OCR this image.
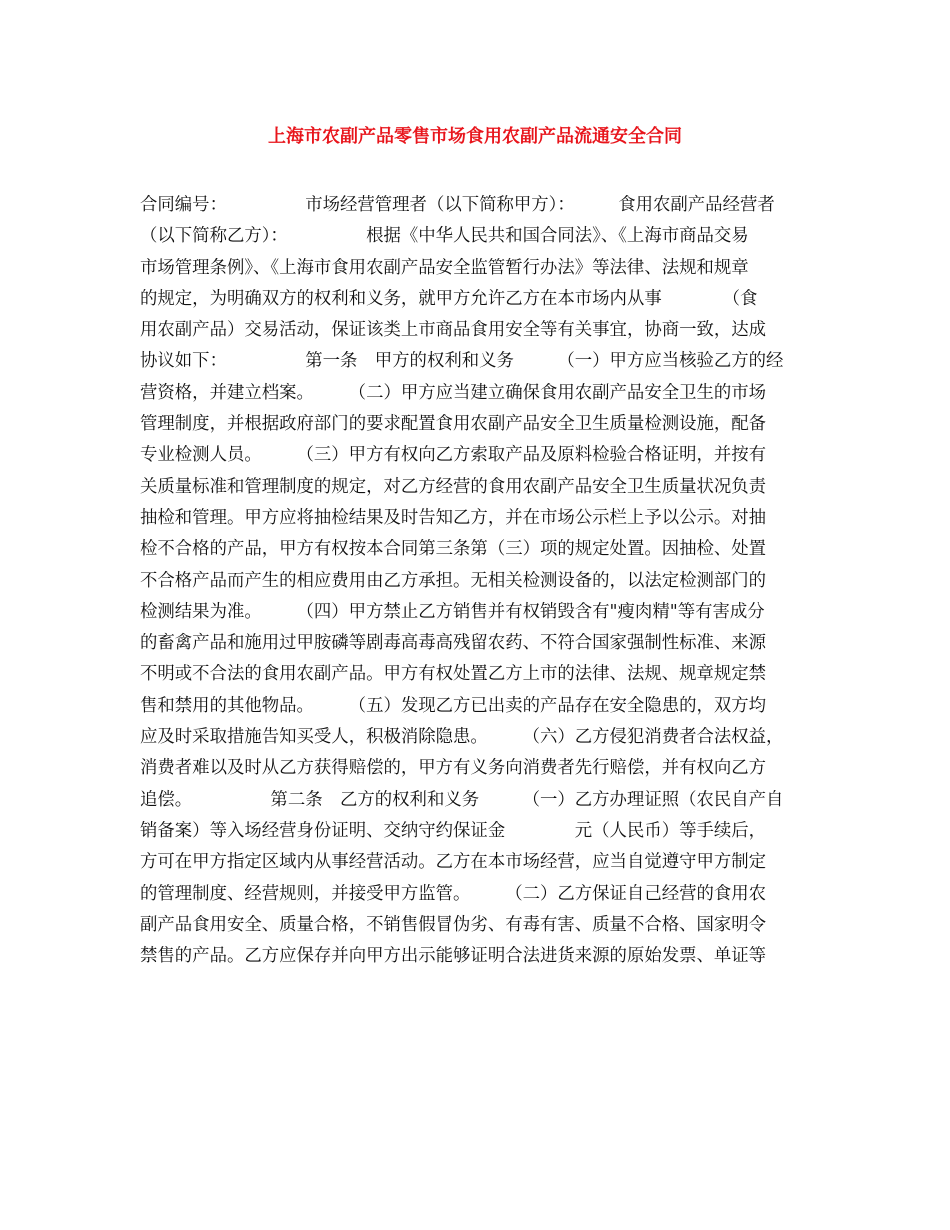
上海市农副产品零售市场食用农副产品流通安全合同
合同编号：　　　　　市场经营管理者（以下简称甲方）：　　　食用农副产品经营者
（以下简称乙方）：　　　　　根据《中华人民共和国合同法》、《上海市商品交易
市场管理条例》、《上海市食用农副产品安全监管暂行办法》等法律、法规和规章
的规定，为明确双方的权利和义务，就甲方允许乙方在本市场内从事　　　　（食
用农副产品）交易活动，保证该类上市商品食用安全等有关事宜，协商一致，达成
协议如下：　　　　　第一条　甲方的权利和义务　　　（一）甲方应当核验乙方的经
营资格，并建立档案。　　　（二）甲方应当建立确保食用农副产品安全卫生的市场
管理制度，并根据政府部门的要求配置食用农副产品安全卫生质量检测设施，配备
专业检测人员。　　　（三）甲方有权向乙方索取产品及原料检验合格证明，并按有
关质量标准和管理制度的规定，对乙方经营的食用农副产品安全卫生质量状况负责
抽检和管理。甲方应将抽检结果及时告知乙方，并在市场公示栏上予以公示。对抽
检不合格的产品，甲方有权按本合同第三条第（三）项的规定处置。因抽检、处置
不合格产品而产生的相应费用由乙方承担。无相关检测设备的，以法定检测部门的
检测结果为准。　　　（四）甲方禁止乙方销售并有权销毁含有"瘦肉精"等有害成分
的畜禽产品和施用过甲胺磷等剧毒高毒高残留农药、不符合国家强制性标准、来源
不明或不合法的食用农副产品。甲方有权处置乙方上市的法律、法规、规章规定禁
售和禁用的其他物品。　　　（五）发现乙方已出卖的产品存在安全隐患的，双方均
应及时采取措施告知买受人，积极消除隐患。　　　（六）乙方侵犯消费者合法权益，
消费者难以及时从乙方获得赔偿的，甲方有义务向消费者先行赔偿，并有权向乙方
追偿。　　　　　第二条　乙方的权利和义务　　　（一）乙方办理证照（农民自产自
销备案）等入场经营身份证明、交纳守约保证金　　　　元（人民币）等手续后，
方可在甲方指定区域内从事经营活动。乙方在本市场经营，应当自觉遵守甲方制定
的管理制度、经营规则，并接受甲方监管。　　　（二）乙方保证自己经营的食用农
副产品食用安全、质量合格，不销售假冒伪劣、有毒有害、质量不合格、国家明令
禁售的产品。乙方应保存并向甲方出示能够证明合法进货来源的原始发票、单证等
